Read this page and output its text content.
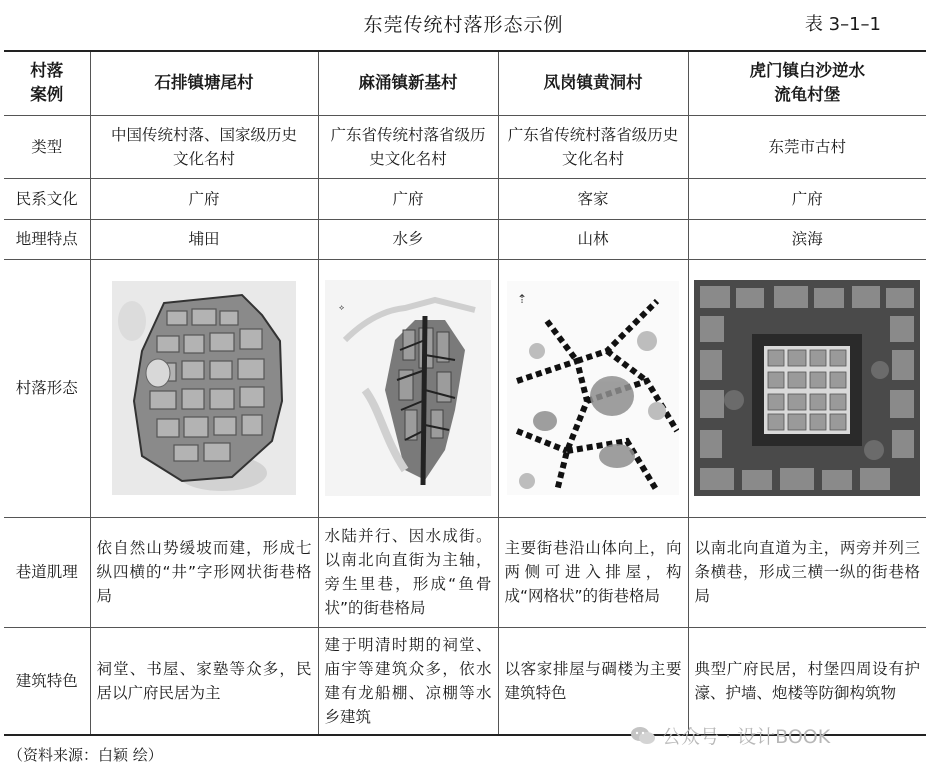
东莞传统村落形态示例	表 3–1–1
村落案例	石排镇塘尾村	麻涌镇新基村	凤岗镇黄洞村	虎门镇白沙逆水流龟村堡
类型	中国传统村落、国家级历史文化名村	广东省传统村落省级历史文化名村	广东省传统村落省级历史文化名村	东莞市古村
民系文化	广府	广府	客家	广府
地理特点	埔田	水乡	山林	滨海
村落形态		⟡	⇡

巷道肌理	依自然山势缓坡而建，形成七纵四横的“井”字形网状街巷格局	水陆并行、因水成街。以南北向直街为主轴，旁生里巷，形成“鱼骨状”的街巷格局	主要街巷沿山体向上，向两侧可进入排屋，构成“网格状”的街巷格局	以南北向直道为主，两旁并列三条横巷，形成三横一纵的街巷格局
建筑特色	祠堂、书屋、家塾等众多，民居以广府民居为主	建于明清时期的祠堂、庙宇等建筑众多，依水建有龙船棚、凉棚等水乡建筑	以客家排屋与碉楼为主要建筑特色	典型广府民居，村堡四周设有护濠、护墙、炮楼等防御构筑物
（资料来源：白颖 绘）
公众号 · 设计BOOK
